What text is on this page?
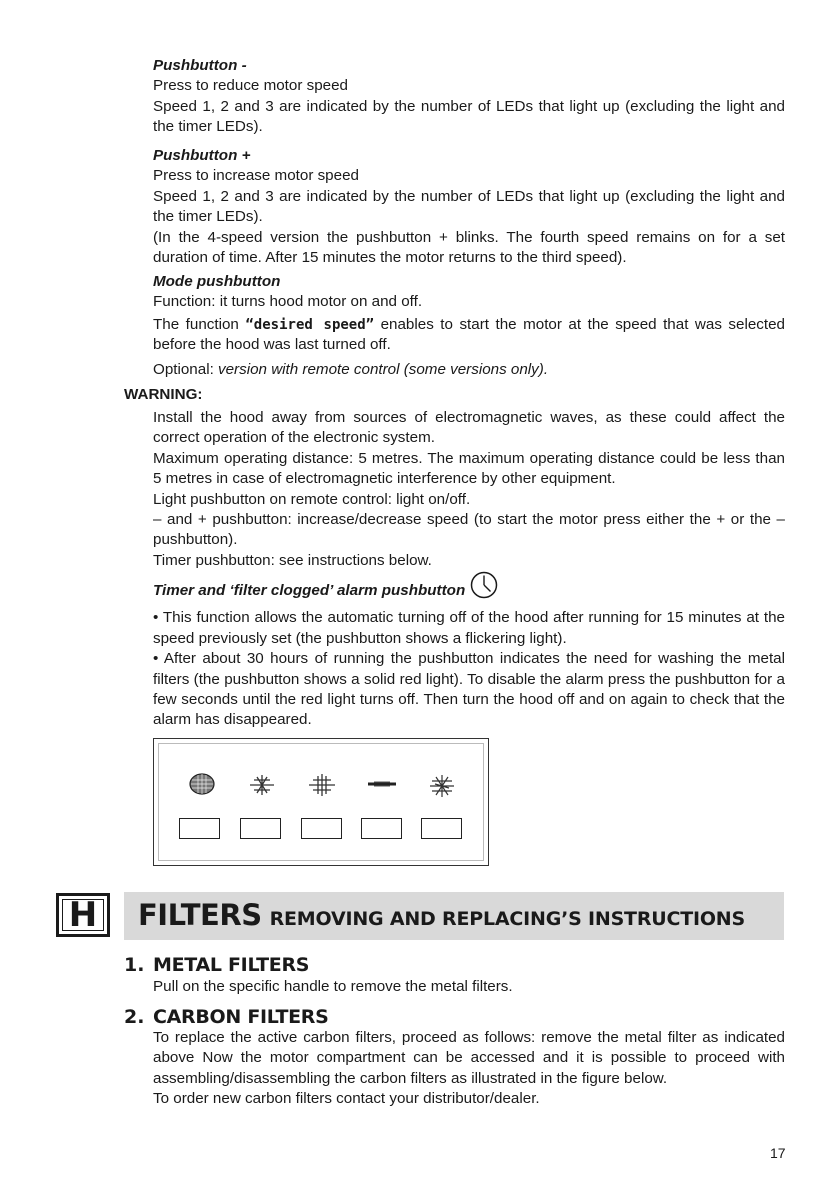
Pushbutton -

Press to reduce motor speed

Speed 1, 2 and 3 are indicated by the number of LEDs that light up (excluding the light and the timer LEDs).

Pushbutton +

Press to increase motor speed

Speed 1, 2 and 3 are indicated by the number of LEDs that light up (excluding the light and the timer LEDs).

(In the 4-speed version the pushbutton + blinks. The fourth speed remains on for a set duration of time. After 15 minutes the motor returns to the third speed).

Mode pushbutton

Function: it turns hood motor on and off.

The function “desired speed” enables to start the motor at the speed that was selected before the hood was last turned off.

Optional: version with remote control (some versions only).

WARNING:

Install the hood away from sources of electromagnetic waves, as these could affect the correct operation of the electronic system.

Maximum operating distance: 5 metres. The maximum operating distance could be less than 5 metres in case of electromagnetic interference by other equipment.

Light pushbutton on remote control: light on/off.

– and + pushbutton: increase/decrease speed (to start the motor press either the + or the – pushbutton).

Timer pushbutton: see instructions below.

Timer and ‘filter clogged’ alarm pushbutton

• This function allows the automatic turning off of the hood after running for 15 minutes at the speed previously set (the pushbutton shows a flickering light).

• After about 30 hours of running the pushbutton indicates the need for washing the metal filters (the pushbutton shows a solid red light). To disable the alarm press the pushbutton for a few seconds until the red light turns off. Then turn the hood off and on again to check that the alarm has disappeared.

H	FILTERS REMOVING AND REPLACING’S INSTRUCTIONS
1. METAL FILTERS
Pull on the specific handle to remove the metal filters.
2. CARBON FILTERS

To replace the active carbon filters, proceed as follows: remove the metal filter as indicated above Now the motor compartment can be accessed and it is possible to proceed with assembling/disassembling the carbon filters as illustrated in the figure below.

To order new carbon filters contact your distributor/dealer.

17
